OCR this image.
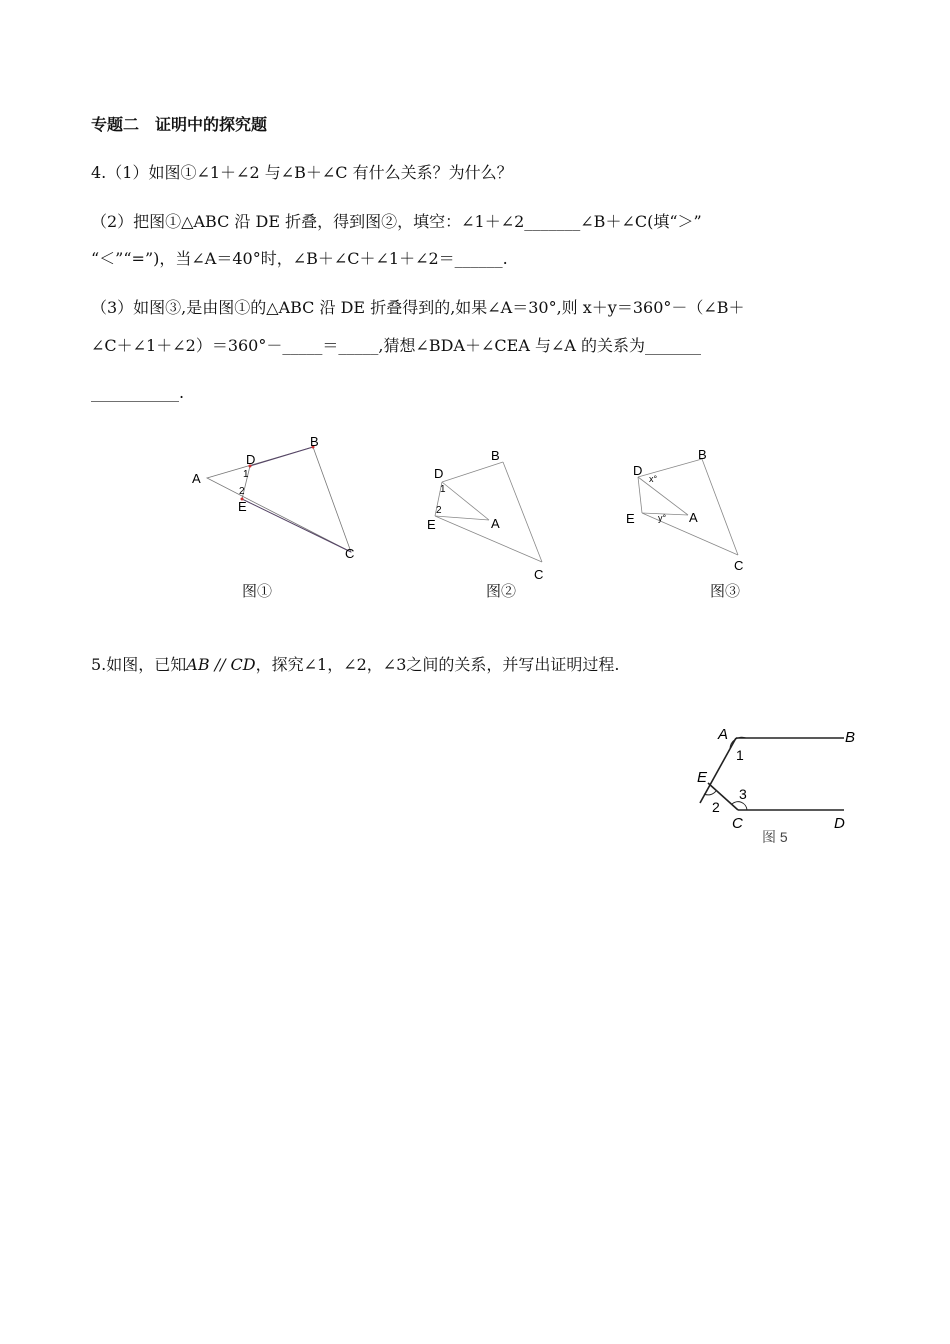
专题二　证明中的探究题
4.（1）如图①∠1＋∠2 与∠B＋∠C 有什么关系？为什么？
（2）把图①△ABC 沿 DE 折叠，得到图②，填空：∠1＋∠2_______∠B＋∠C(填“＞”
“＜”“=”)，当∠A＝40°时，∠B＋∠C＋∠1＋∠2＝______.
（3）如图③,是由图①的△ABC 沿 DE 折叠得到的,如果∠A＝30°,则 x＋y＝360°－（∠B＋
∠C＋∠1＋∠2）＝360°－_____＝_____,猜想∠BDA＋∠CEA 与∠A 的关系为_______
___________.
A
B
C
D
E
1
2
图①
B
C
D
E	A
1
2
图②
B
C
D
E	A
x°
y°
图③
5.如图，已知AB // CD，探究∠1，∠2，∠3之间的关系，并写出证明过程.
A	B
E
C	D
1
2
3
图 5
